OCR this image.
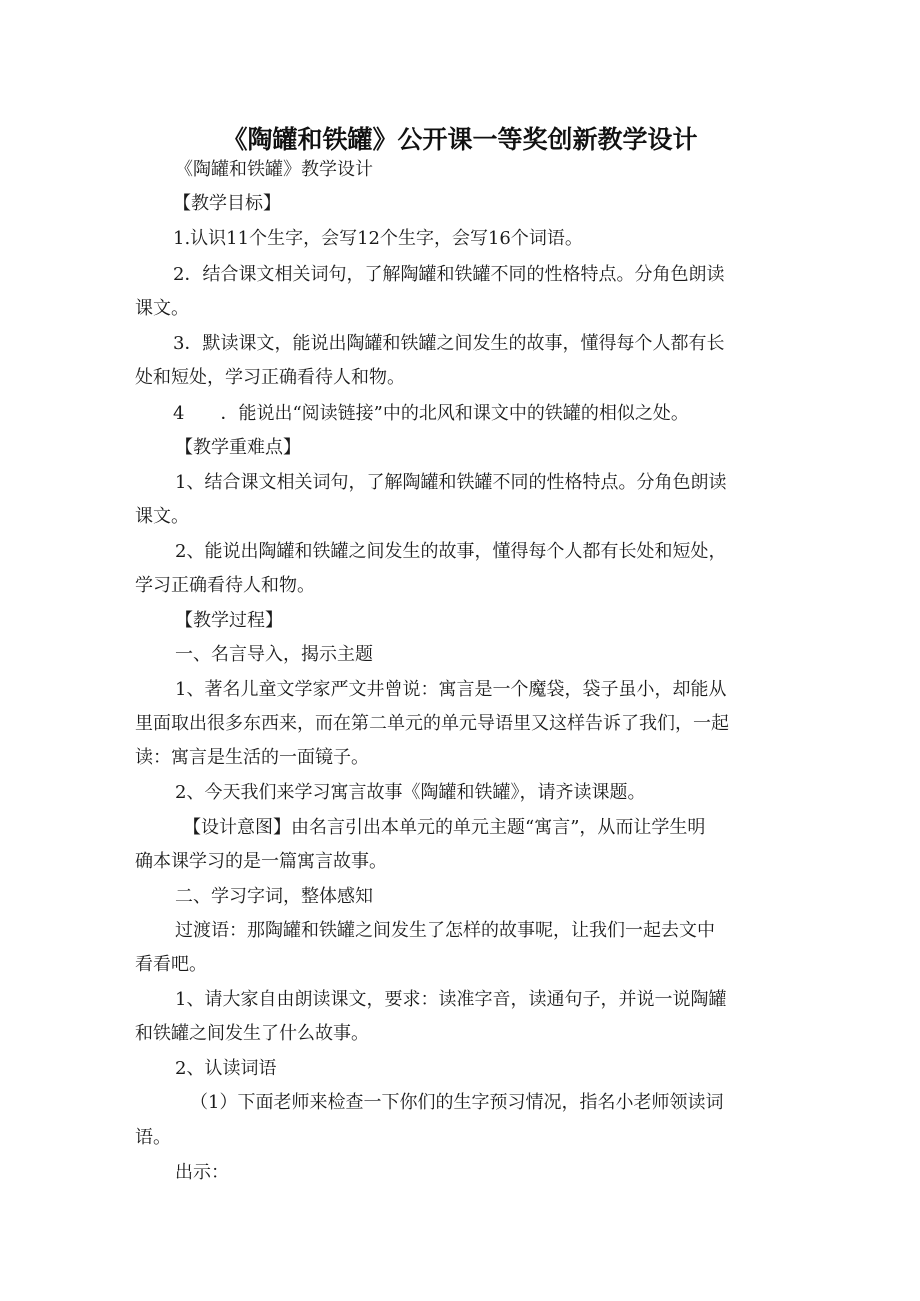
《陶罐和铁罐》公开课一等奖创新教学设计

《陶罐和铁罐》教学设计

【教学目标】

1.认识11个生字，会写12个生字，会写16个词语。

2．结合课文相关词句，了解陶罐和铁罐不同的性格特点。分角色朗读

课文。

3．默读课文，能说出陶罐和铁罐之间发生的故事，懂得每个人都有长

处和短处，学习正确看待人和物。

4　　．能说出“阅读链接”中的北风和课文中的铁罐的相似之处。

【教学重难点】

1、结合课文相关词句，了解陶罐和铁罐不同的性格特点。分角色朗读

课文。

2、能说出陶罐和铁罐之间发生的故事，懂得每个人都有长处和短处，

学习正确看待人和物。

【教学过程】

一、名言导入，揭示主题

1、著名儿童文学家严文井曾说：寓言是一个魔袋，袋子虽小，却能从

里面取出很多东西来，而在第二单元的单元导语里又这样告诉了我们，一起

读：寓言是生活的一面镜子。

2、今天我们来学习寓言故事《陶罐和铁罐》，请齐读课题。

【设计意图】由名言引出本单元的单元主题“寓言”，从而让学生明

确本课学习的是一篇寓言故事。

二、学习字词，整体感知

过渡语：那陶罐和铁罐之间发生了怎样的故事呢，让我们一起去文中

看看吧。

1、请大家自由朗读课文，要求：读准字音，读通句子，并说一说陶罐

和铁罐之间发生了什么故事。

2、认读词语

（1）下面老师来检查一下你们的生字预习情况，指名小老师领读词

语。

出示：
